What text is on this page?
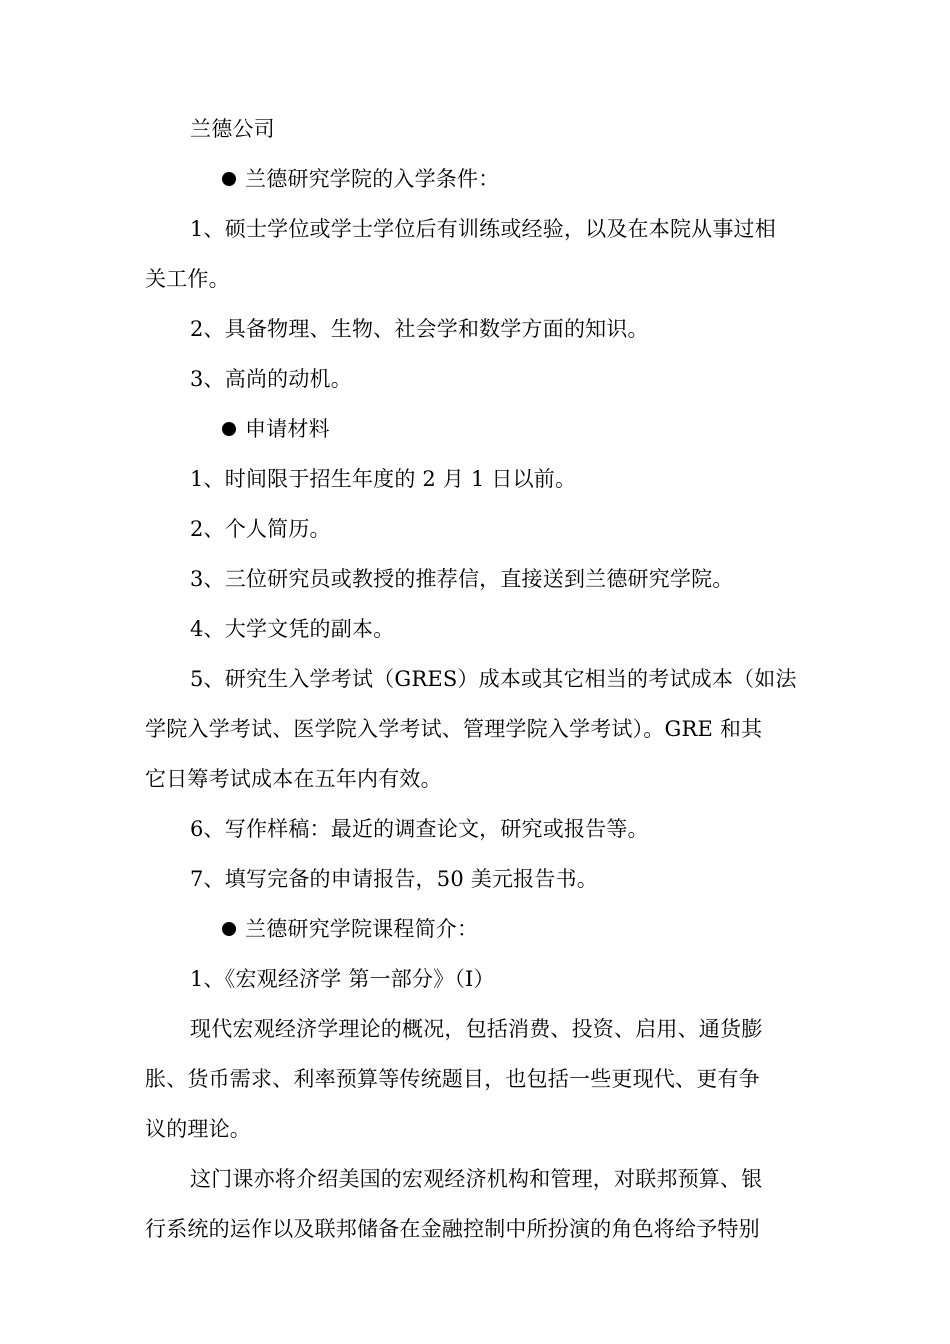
兰德公司
兰德研究学院的入学条件：
1、硕士学位或学士学位后有训练或经验，以及在本院从事过相
关工作。
2、具备物理、生物、社会学和数学方面的知识。
3、高尚的动机。
申请材料
1、时间限于招生年度的 2 月 1 日以前。
2、个人简历。
3、三位研究员或教授的推荐信，直接送到兰德研究学院。
4、大学文凭的副本。
5、研究生入学考试（GRES）成本或其它相当的考试成本（如法
学院入学考试、医学院入学考试、管理学院入学考试）。GRE 和其
它日筹考试成本在五年内有效。
6、写作样稿：最近的调查论文，研究或报告等。
7、填写完备的申请报告，50 美元报告书。
兰德研究学院课程简介：
1、《宏观经济学 第一部分》（Ⅰ）
现代宏观经济学理论的概况，包括消费、投资、启用、通货膨
胀、货币需求、利率预算等传统题目，也包括一些更现代、更有争
议的理论。
这门课亦将介绍美国的宏观经济机构和管理，对联邦预算、银
行系统的运作以及联邦储备在金融控制中所扮演的角色将给予特别
